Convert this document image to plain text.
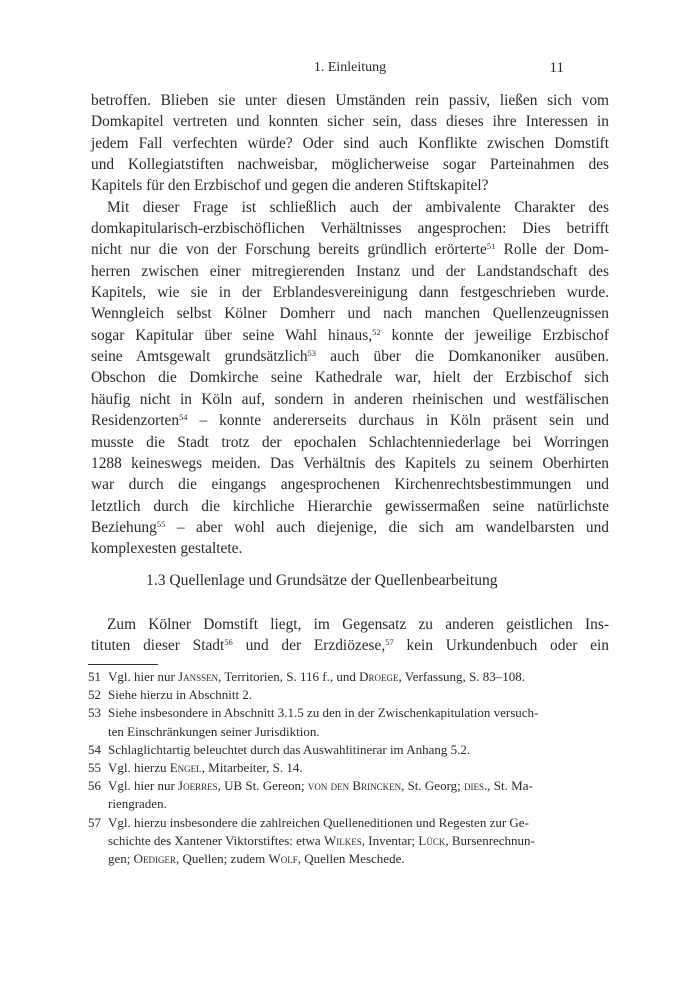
1. Einleitung	11

betroffen. Blieben sie unter diesen Umständen rein passiv, ließen sich vom
Domkapitel vertreten und konnten sicher sein, dass dieses ihre Interessen in
jedem Fall verfechten würde? Oder sind auch Konflikte zwischen Domstift
und Kollegiatstiften nachweisbar, möglicherweise sogar Parteinahmen des
Kapitels für den Erzbischof und gegen die anderen Stiftskapitel?

Mit dieser Frage ist schließlich auch der ambivalente Charakter des
domkapitularisch-erzbischöflichen Verhältnisses angesprochen: Dies betrifft
nicht nur die von der Forschung bereits gründlich erörterte$^{51}$ Rolle der Dom-
herren zwischen einer mitregierenden Instanz und der Landstandschaft des
Kapitels, wie sie in der Erblandesvereinigung dann festgeschrieben wurde.
Wenngleich selbst Kölner Domherr und nach manchen Quellenzeugnissen
sogar Kapitular über seine Wahl hinaus,$^{52}$ konnte der jeweilige Erzbischof
seine Amtsgewalt grundsätzlich$^{53}$ auch über die Domkanoniker ausüben.
Obschon die Domkirche seine Kathedrale war, hielt der Erzbischof sich
häufig nicht in Köln auf, sondern in anderen rheinischen und westfälischen
Residenzorten$^{54}$ – konnte andererseits durchaus in Köln präsent sein und
musste die Stadt trotz der epochalen Schlachtenniederlage bei Worringen
1288 keineswegs meiden. Das Verhältnis des Kapitels zu seinem Oberhirten
war durch die eingangs angesprochenen Kirchenrechtsbestimmungen und
letztlich durch die kirchliche Hierarchie gewissermaßen seine natürlichste
Beziehung$^{55}$ – aber wohl auch diejenige, die sich am wandelbarsten und
komplexesten gestaltete.

1.3 Quellenlage und Grundsätze der Quellenbearbeitung

Zum Kölner Domstift liegt, im Gegensatz zu anderen geistlichen Ins-
tituten dieser Stadt$^{56}$ und der Erzdiözese,$^{57}$ kein Urkundenbuch oder ein

51 Vgl. hier nur Janssen, Territorien, S. 116 f., und Droege, Verfassung, S. 83–108.
52 Siehe hierzu in Abschnitt 2.
53 Siehe insbesondere in Abschnitt 3.1.5 zu den in der Zwischenkapitulation versuch-
ten Einschränkungen seiner Jurisdiktion.
54 Schlaglichtartig beleuchtet durch das Auswahlitinerar im Anhang 5.2.
55 Vgl. hierzu Engel, Mitarbeiter, S. 14.
56 Vgl. hier nur Joerres, UB St. Gereon; von den Brincken, St. Georg; dies., St. Ma-
riengraden.
57 Vgl. hierzu insbesondere die zahlreichen Quelleneditionen und Regesten zur Ge-
schichte des Xantener Viktorstiftes: etwa Wilkes, Inventar; Lück, Bursenrechnun-
gen; Oediger, Quellen; zudem Wolf, Quellen Meschede.
